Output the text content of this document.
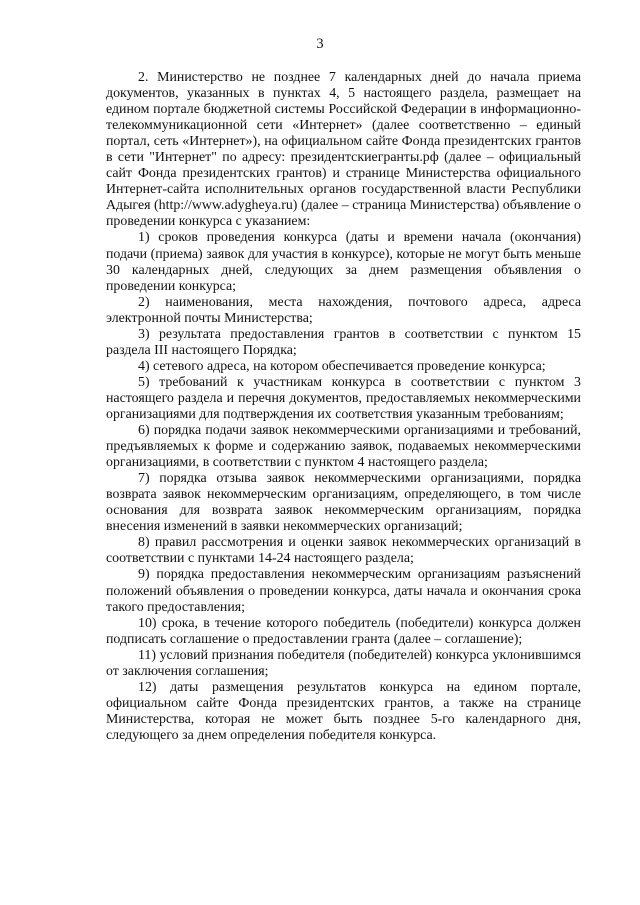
3

2. Министерство не позднее 7 календарных дней до начала приема документов, указанных в пунктах 4, 5 настоящего раздела, размещает на едином портале бюджетной системы Российской Федерации в информационно-телекоммуникационной сети «Интернет» (далее соответственно – единый портал, сеть «Интернет»), на официальном сайте Фонда президентских грантов в сети "Интернет" по адресу: президентскиегранты.рф (далее – официальный сайт Фонда президентских грантов) и странице Министерства официального Интернет-сайта исполнительных органов государственной власти Республики Адыгея (http://www.adygheya.ru) (далее – страница Министерства) объявление о проведении конкурса с указанием:

1) сроков проведения конкурса (даты и времени начала (окончания) подачи (приема) заявок для участия в конкурсе), которые не могут быть меньше 30 календарных дней, следующих за днем размещения объявления о проведении конкурса;

2) наименования, места нахождения, почтового адреса, адреса электронной почты Министерства;

3) результата предоставления грантов в соответствии с пунктом 15 раздела III настоящего Порядка;

4) сетевого адреса, на котором обеспечивается проведение конкурса;

5) требований к участникам конкурса в соответствии с пунктом 3 настоящего раздела и перечня документов, предоставляемых некоммерческими организациями для подтверждения их соответствия указанным требованиям;

6) порядка подачи заявок некоммерческими организациями и требований, предъявляемых к форме и содержанию заявок, подаваемых некоммерческими организациями, в соответствии с пунктом 4 настоящего раздела;

7) порядка отзыва заявок некоммерческими организациями, порядка возврата заявок некоммерческим организациям, определяющего, в том числе основания для возврата заявок некоммерческим организациям, порядка внесения изменений в заявки некоммерческих организаций;

8) правил рассмотрения и оценки заявок некоммерческих организаций в соответствии с пунктами 14-24 настоящего раздела;

9) порядка предоставления некоммерческим организациям разъяснений положений объявления о проведении конкурса, даты начала и окончания срока такого предоставления;

10) срока, в течение которого победитель (победители) конкурса должен подписать соглашение о предоставлении гранта (далее – соглашение);

11) условий признания победителя (победителей) конкурса уклонившимся от заключения соглашения;

12) даты размещения результатов конкурса на едином портале, официальном сайте Фонда президентских грантов, а также на странице Министерства, которая не может быть позднее 5-го календарного дня, следующего за днем определения победителя конкурса.
